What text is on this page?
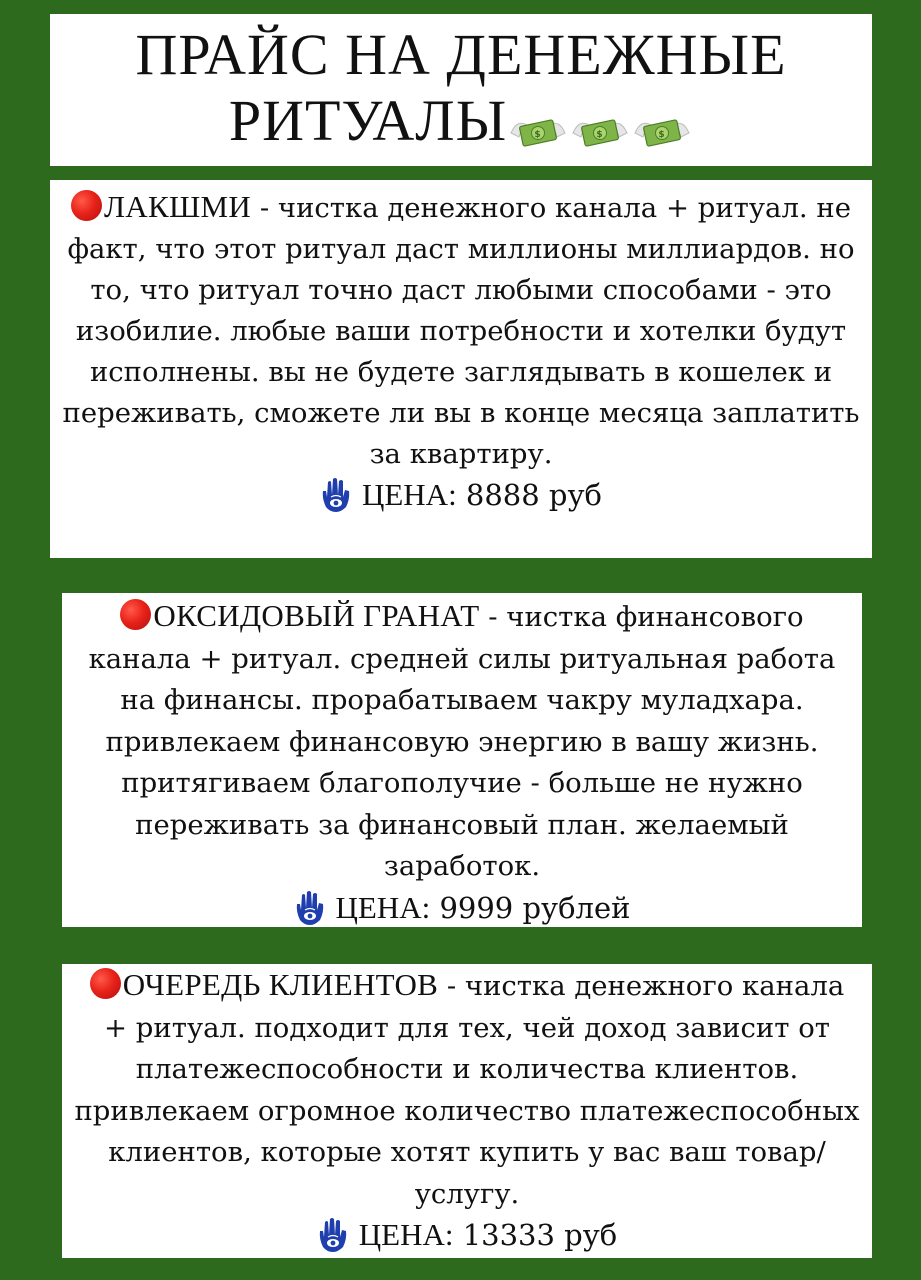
ПРАЙС НА ДЕНЕЖНЫЕ
РИТУАЛЫ

ЛАКШМИ - чистка денежного канала + ритуал. не факт, что этот ритуал даст миллионы миллиардов. но то, что ритуал точно даст любыми способами - это изобилие. любые ваши потребности и хотелки будут исполнены. вы не будете заглядывать в кошелек и переживать, сможете ли вы в конце месяца заплатить за квартиру.

ЦЕНА: 8888 руб

ОКСИДОВЫЙ ГРАНАТ - чистка финансового канала + ритуал. средней силы ритуальная работа на финансы. прорабатываем чакру муладхара. привлекаем финансовую энергию в вашу жизнь. притягиваем благополучие - больше не нужно переживать за финансовый план. желаемый заработок.

ЦЕНА: 9999 рублей

ОЧЕРЕДЬ КЛИЕНТОВ - чистка денежного канала + ритуал. подходит для тех, чей доход зависит от платежеспособности и количества клиентов. привлекаем огромное количество платежеспособных клиентов, которые хотят купить у вас ваш товар/услугу.

ЦЕНА: 13333 руб
